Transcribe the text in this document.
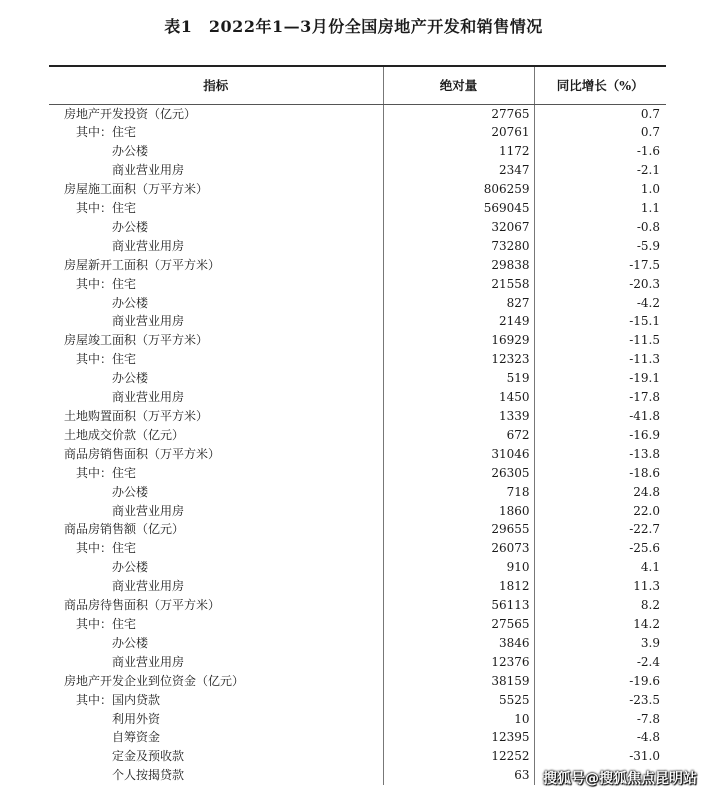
表1　2022年1—3月份全国房地产开发和销售情况
指标	绝对量	同比增长（%）
房地产开发投资（亿元）	27765	0.7
其中：住宅	20761	0.7
办公楼	1172	-1.6
商业营业用房	2347	-2.1
房屋施工面积（万平方米）	806259	1.0
其中：住宅	569045	1.1
办公楼	32067	-0.8
商业营业用房	73280	-5.9
房屋新开工面积（万平方米）	29838	-17.5
其中：住宅	21558	-20.3
办公楼	827	-4.2
商业营业用房	2149	-15.1
房屋竣工面积（万平方米）	16929	-11.5
其中：住宅	12323	-11.3
办公楼	519	-19.1
商业营业用房	1450	-17.8
土地购置面积（万平方米）	1339	-41.8
土地成交价款（亿元）	672	-16.9
商品房销售面积（万平方米）	31046	-13.8
其中：住宅	26305	-18.6
办公楼	718	24.8
商业营业用房	1860	22.0
商品房销售额（亿元）	29655	-22.7
其中：住宅	26073	-25.6
办公楼	910	4.1
商业营业用房	1812	11.3
商品房待售面积（万平方米）	56113	8.2
其中：住宅	27565	14.2
办公楼	3846	3.9
商业营业用房	12376	-2.4
房地产开发企业到位资金（亿元）	38159	-19.6
其中：国内贷款	5525	-23.5
利用外资	10	-7.8
自筹资金	12395	-4.8
定金及预收款	12252	-31.0
个人按揭贷款	63	搜狐号@搜狐焦点昆明站
